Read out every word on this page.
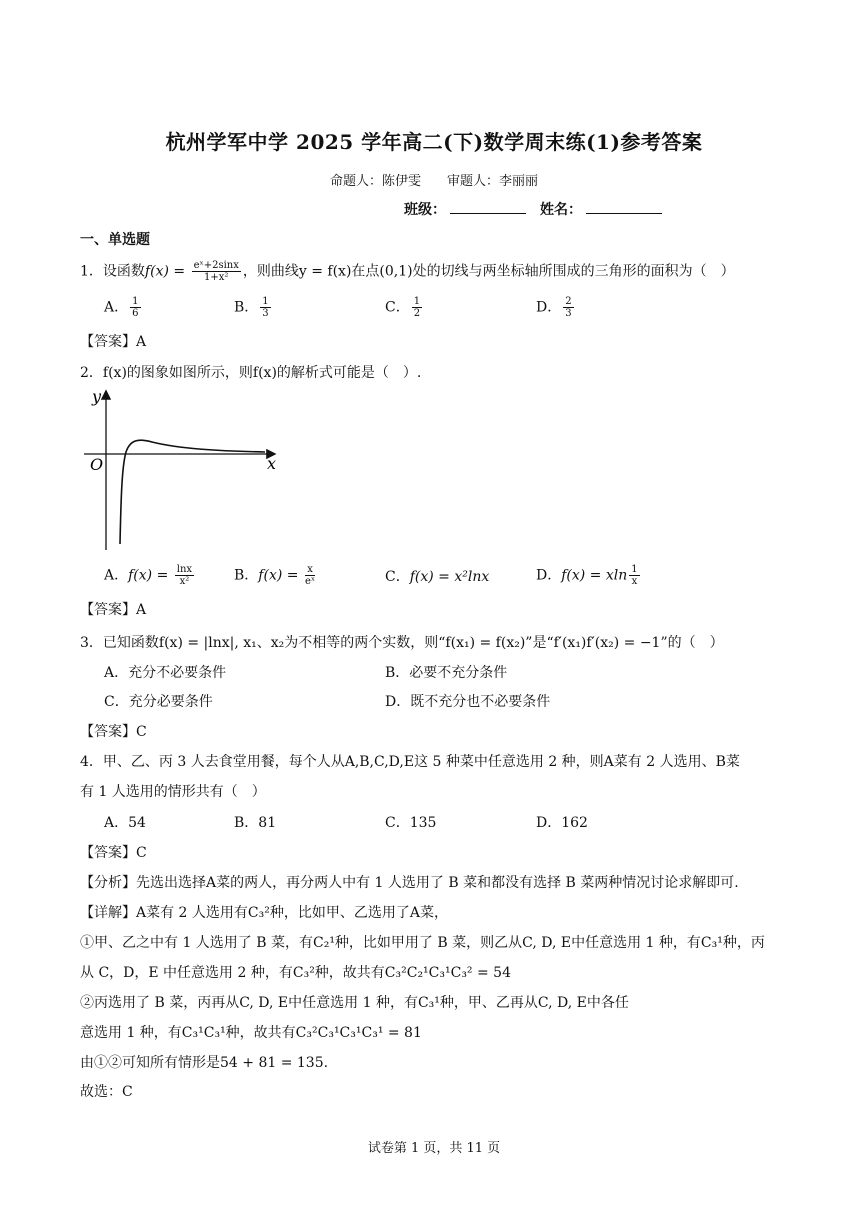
杭州学军中学 2025 学年高二(下)数学周末练(1)参考答案
命题人：陈伊雯　　审题人：李丽丽
班级：	姓名：
一、单选题
1．设函数$f(x) = \frac{\text{eˣ+2sinx}}{\text{1+x²}}$ ，则曲线y = f(x)在点(0,1)处的切线与两坐标轴所围成的三角形的面积为（　）
A． $\frac{1}{6}$	B． $\frac{1}{3}$	C． $\frac{1}{2}$	D． $\frac{2}{3}$
【答案】A
2．f(x)的图象如图所示，则f(x)的解析式可能是（　）.
y
x
O
A．$f(x) = \frac{\ln x}{\text{x²}}$	B．$f(x) = \frac{x}{\text{eˣ}}$	C．f(x) = x²lnx	D．f(x) = xln $\frac{1}{x}$
【答案】A
3．已知函数f(x) = |lnx|, x₁、x₂为不相等的两个实数，则“f(x₁) = f(x₂)”是“f′(x₁)f′(x₂) = −1”的（　）
A．充分不必要条件	B．必要不充分条件
C．充分必要条件	D．既不充分也不必要条件
【答案】C
4．甲、乙、丙 3 人去食堂用餐，每个人从A,B,C,D,E这 5 种菜中任意选用 2 种，则A菜有 2 人选用、B菜
有 1 人选用的情形共有（　）
A．54	B．81	C．135	D．162
【答案】C
【分析】先选出选择A菜的两人，再分两人中有 1 人选用了 B 菜和都没有选择 B 菜两种情况讨论求解即可.
【详解】A菜有 2 人选用有C₃²种，比如甲、乙选用了A菜，
①甲、乙之中有 1 人选用了 B 菜，有C₂¹种，比如甲用了 B 菜，则乙从C, D, E中任意选用 1 种，有C₃¹种，丙
从 C，D，E 中任意选用 2 种，有C₃²种，故共有C₃²C₂¹C₃¹C₃² = 54
②丙选用了 B 菜，丙再从C, D, E中任意选用 1 种，有C₃¹种，甲、乙再从C, D, E中各任
意选用 1 种，有C₃¹C₃¹种，故共有C₃²C₃¹C₃¹C₃¹ = 81
由①②可知所有情形是54 + 81 = 135.
故选：C
试卷第 1 页，共 11 页
